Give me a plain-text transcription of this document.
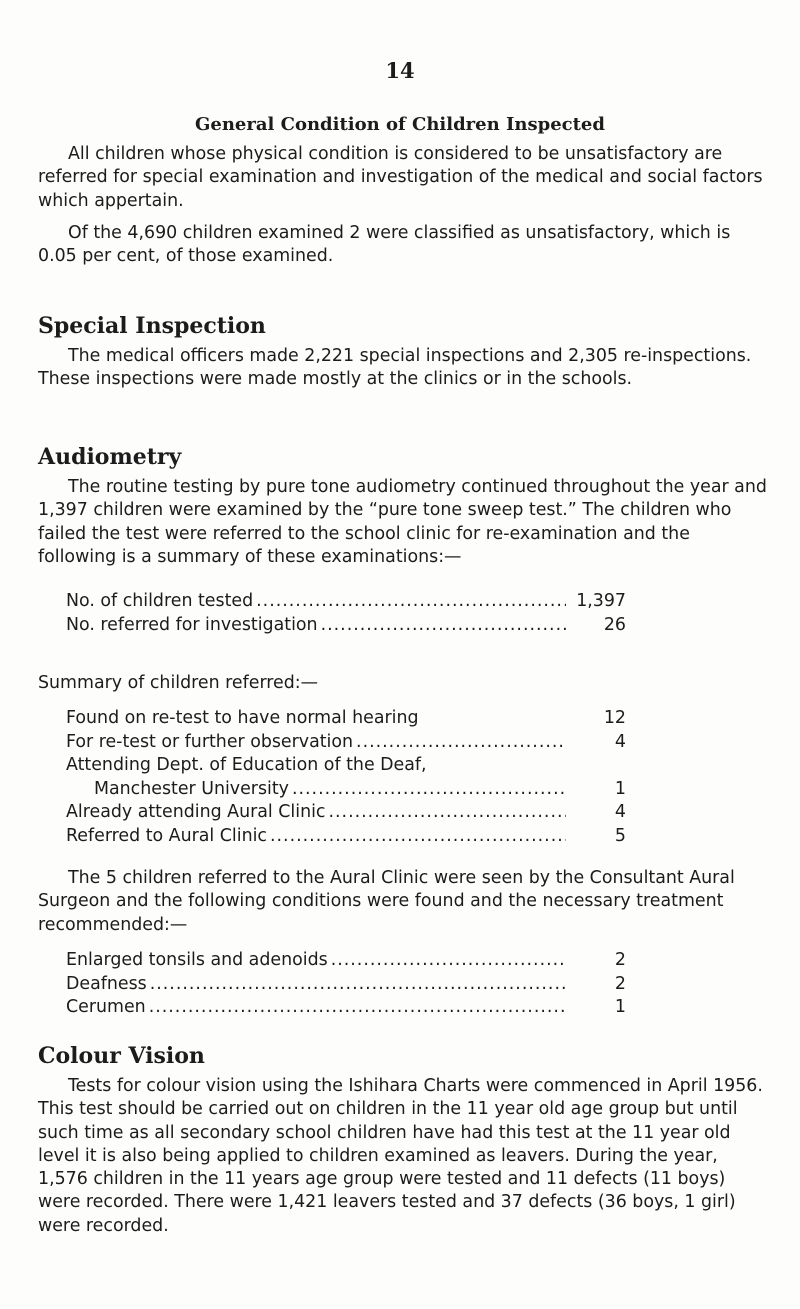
14
General Condition of Children Inspected

All children whose physical condition is considered to be unsatisfactory are referred for special examination and investigation of the medical and social factors which appertain.

Of the 4,690 children examined 2 were classified as unsatisfactory, which is 0.05 per cent, of those examined.

Special Inspection

The medical officers made 2,221 special inspections and 2,305 re-inspections. These inspections were made mostly at the clinics or in the schools.

Audiometry

The routine testing by pure tone audiometry continued throughout the year and 1,397 children were examined by the “pure tone sweep test.” The children who failed the test were referred to the school clinic for re-examination and the following is a summary of these examinations:—

No. of children tested .....	1,397
No. referred for investigation .....	26

Summary of children referred:—

Found on re-test to have normal hearing	12
For re-test or further observation .....	4
Attending Dept. of Education of the Deaf,
Manchester University .....	1
Already attending Aural Clinic .....	4
Referred to Aural Clinic .....	5

The 5 children referred to the Aural Clinic were seen by the Consultant Aural Surgeon and the following conditions were found and the necessary treatment recommended:—

Enlarged tonsils and adenoids .....	2
Deafness .....	2
Cerumen .....	1
Colour Vision

Tests for colour vision using the Ishihara Charts were commenced in April 1956. This test should be carried out on children in the 11 year old age group but until such time as all secondary school children have had this test at the 11 year old level it is also being applied to children examined as leavers. During the year, 1,576 children in the 11 years age group were tested and 11 defects (11 boys) were recorded. There were 1,421 leavers tested and 37 defects (36 boys, 1 girl) were recorded.
